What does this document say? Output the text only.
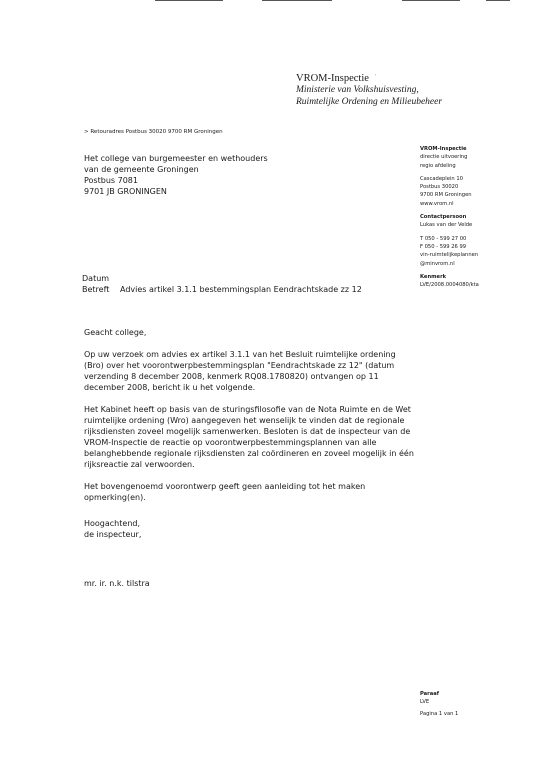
'
VROM-Inspectie
Ministerie van Volkshuisvesting,
Ruimtelijke Ordening en Milieubeheer
> Retouradres Postbus 30020 9700 RM Groningen
Het college van burgemeester en wethouders
van de gemeente Groningen
Postbus 7081
9701 JB GRONINGEN
VROM-Inspectie
directie uitvoering
regio afdeling
Cascadeplein 10
Postbus 30020
9700 RM Groningen
www.vrom.nl
Contactpersoon
Lukas van der Velde
T 050 - 599 27 00
F 050 - 599 26 99
vin-ruimtelijkeplannen
@minvrom.nl
Kenmerk
LVE/2008.0004080/kta
Datum
Betreft	Advies artikel 3.1.1 bestemmingsplan Eendrachtskade zz 12

Geacht college,

Op uw verzoek om advies ex artikel 3.1.1 van het Besluit ruimtelijke ordening (Bro) over het voorontwerpbestemmingsplan "Eendrachtskade zz 12" (datum verzending 8 december 2008, kenmerk RQ08.1780820) ontvangen op 11 december 2008, bericht ik u het volgende.

Het Kabinet heeft op basis van de sturingsfilosofie van de Nota Ruimte en de Wet ruimtelijke ordening (Wro) aangegeven het wenselijk te vinden dat de regionale rijksdiensten zoveel mogelijk samenwerken. Besloten is dat de inspecteur van de VROM-Inspectie de reactie op voorontwerpbestemmingsplannen van alle belanghebbende regionale rijksdiensten zal coördineren en zoveel mogelijk in één rijksreactie zal verwoorden.

Het bovengenoemd voorontwerp geeft geen aanleiding tot het maken opmerking(en).

Hoogachtend,
de inspecteur,
mr. ir. n.k. tilstra
Paraaf
LVE
Pagina 1 van 1
